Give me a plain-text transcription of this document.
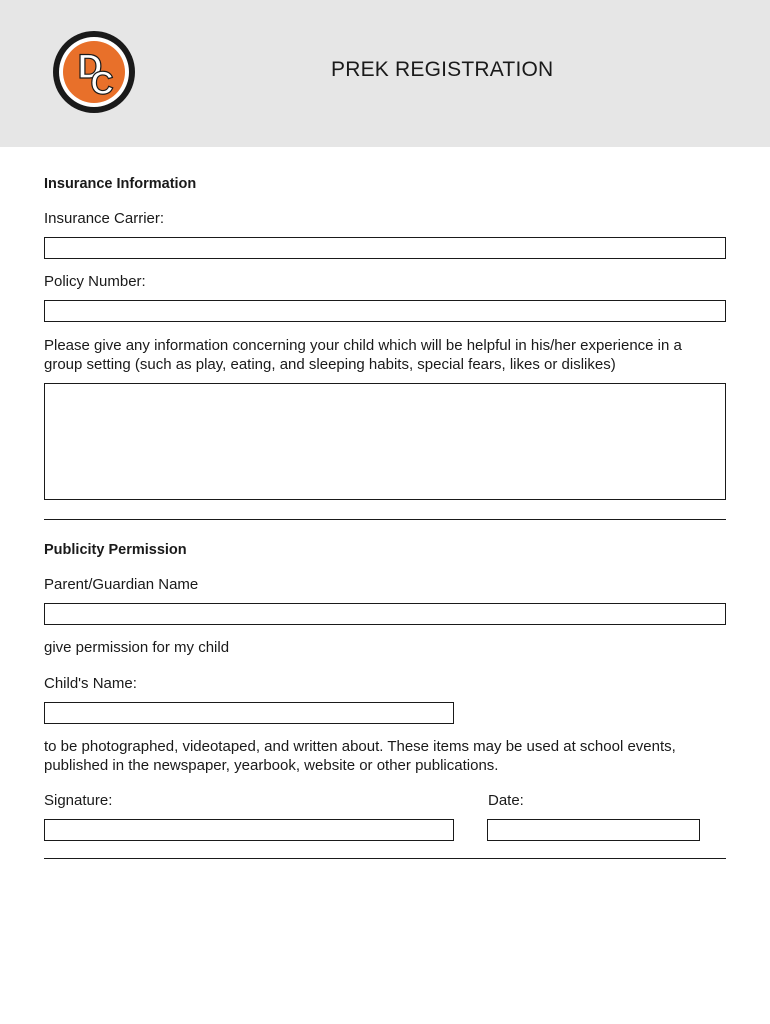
D
C	PREK REGISTRATION
Insurance Information
Insurance Carrier:
Policy Number:
Please give any information concerning your child which will be helpful in his/her experience in a
group setting (such as play, eating, and sleeping habits, special fears, likes or dislikes)
Publicity Permission
Parent/Guardian Name
give permission for my child
Child's Name:
to be photographed, videotaped, and written about. These items may be used at school events,
published in the newspaper, yearbook, website or other publications.
Signature:	Date:
